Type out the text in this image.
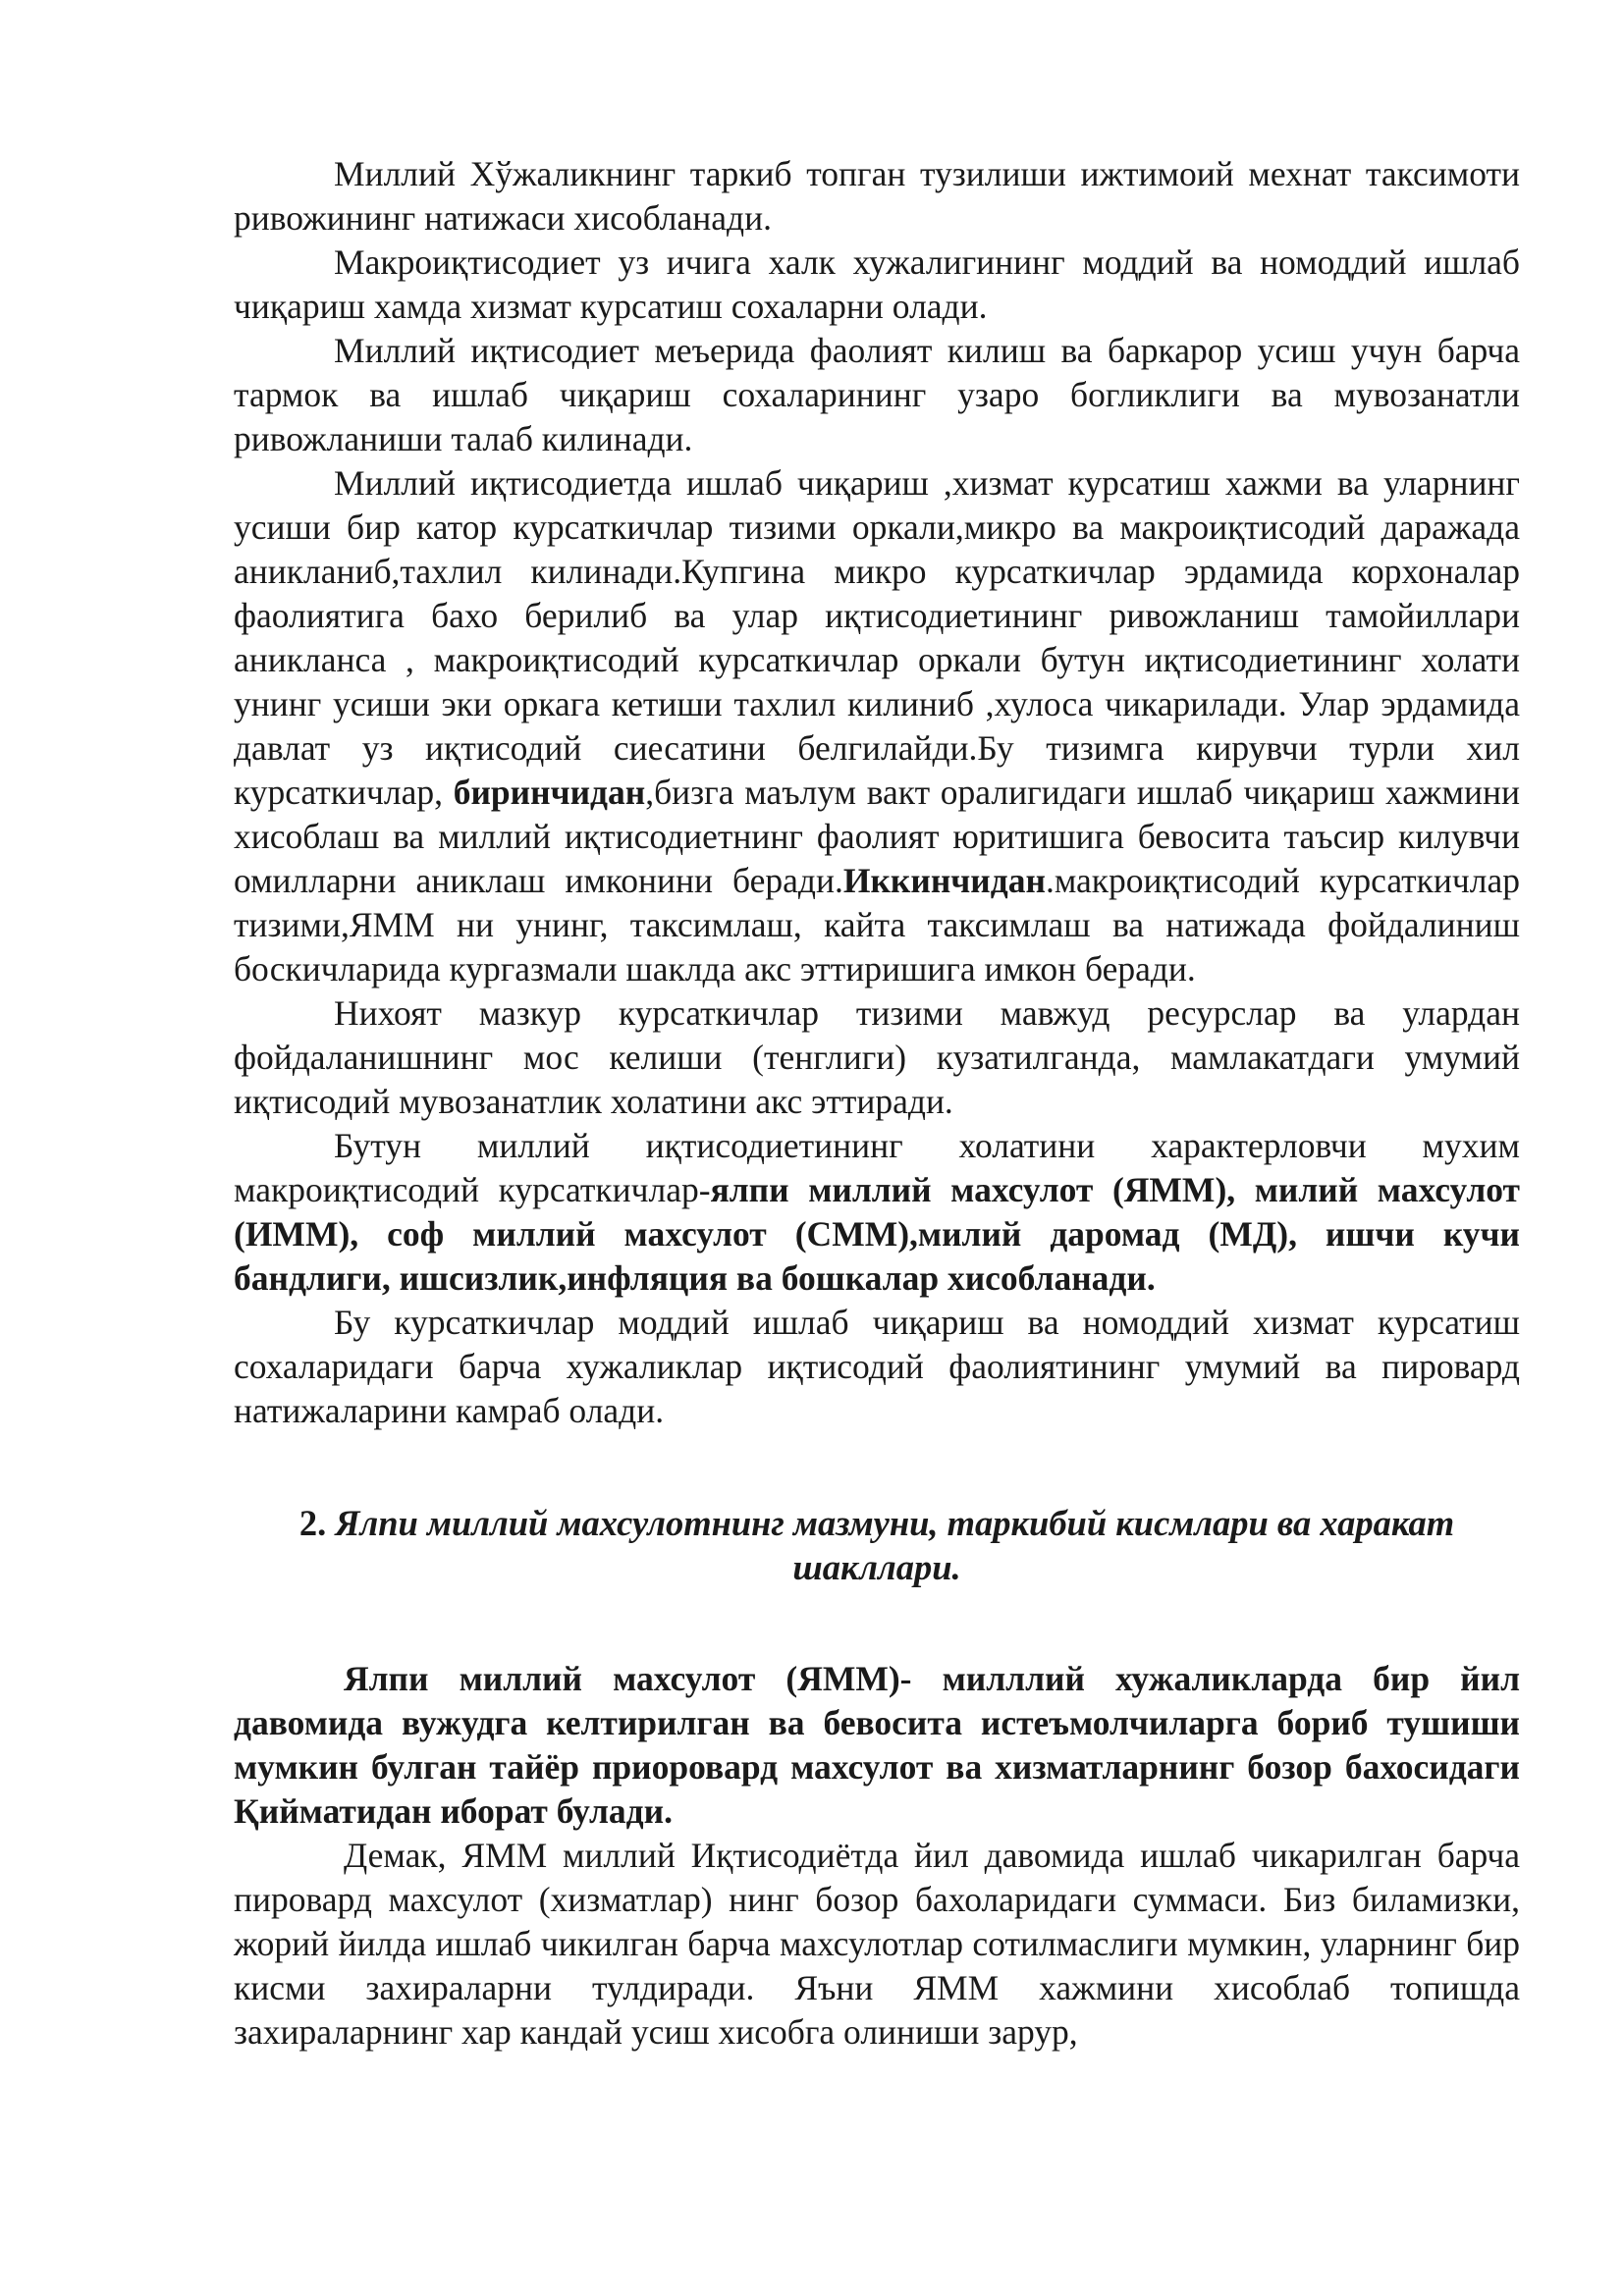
Миллий Хўжаликнинг таркиб топган тузилиши ижтимоий мехнат таксимоти ривожининг натижаси хисобланади.

Макроиқтисодиет уз ичига халк хужалигининг моддий ва номоддий ишлаб чиқариш хамда хизмат курсатиш сохаларни олади.

Миллий иқтисодиет меъерида фаолият килиш ва баркарор усиш учун барча тармок ва ишлаб чиқариш сохаларининг узаро богликлиги ва мувозанатли ривожланиши талаб килинади.

Миллий иқтисодиетда ишлаб чиқариш ,хизмат курсатиш хажми ва уларнинг усиши бир катор курсаткичлар тизими оркали,микро ва макроиқтисодий даражада аникланиб,тахлил килинади.Купгина микро курсаткичлар эрдамида корхоналар фаолиятига бахо берилиб ва улар иқтисодиетининг ривожланиш тамойиллари аникланса , макроиқтисодий курсаткичлар оркали бутун иқтисодиетининг холати унинг усиши эки оркага кетиши тахлил килиниб ,хулоса чикарилади. Улар эрдамида давлат уз иқтисодий сиесатини белгилайди.Бу тизимга кирувчи турли хил курсаткичлар, биринчидан,бизга маълум вакт оралигидаги ишлаб чиқариш хажмини хисоблаш ва миллий иқтисодиетнинг фаолият юритишига бевосита таъсир килувчи омилларни аниклаш имконини беради.Иккинчидан.макроиқтисодий курсаткичлар тизими,ЯММ ни унинг, таксимлаш, кайта таксимлаш ва натижада фойдалиниш боскичларида кургазмали шаклда акс эттиришига имкон беради.

Нихоят мазкур курсаткичлар тизими мавжуд ресурслар ва улардан фойдаланишнинг мос келиши (тенглиги) кузатилганда, мамлакатдаги умумий иқтисодий мувозанатлик холатини акс эттиради.

Бутун миллий иқтисодиетининг холатини характерловчи мухим макроиқтисодий курсаткичлар-ялпи миллий махсулот (ЯММ), милий махсулот (ИММ), соф миллий махсулот (СММ),милий даромад (МД), ишчи кучи бандлиги, ишсизлик,инфляция ва бошкалар хисобланади.

Бу курсаткичлар моддий ишлаб чиқариш ва номоддий хизмат курсатиш сохаларидаги барча хужаликлар иқтисодий фаолиятининг умумий ва пировард натижаларини камраб олади.

2. Ялпи миллий махсулотнинг мазмуни, таркибий кисмлари ва харакат шакллари.

Ялпи миллий махсулот (ЯММ)- милллий хужаликларда бир йил давомида вужудга келтирилган ва бевосита истеъмолчиларга бориб тушиши мумкин булган тайёр приоровард махсулот ва хизматларнинг бозор бахосидаги Қийматидан иборат булади.

Демак, ЯММ миллий Иқтисодиётда йил давомида ишлаб чикарилган барча пировард махсулот (хизматлар) нинг бозор бахоларидаги суммаси. Биз биламизки, жорий йилда ишлаб чикилган барча махсулотлар сотилмаслиги мумкин, уларнинг бир кисми захираларни тулдиради. Яъни ЯММ хажмини хисоблаб топишда захираларнинг хар кандай усиш хисобга олиниши зарур,
